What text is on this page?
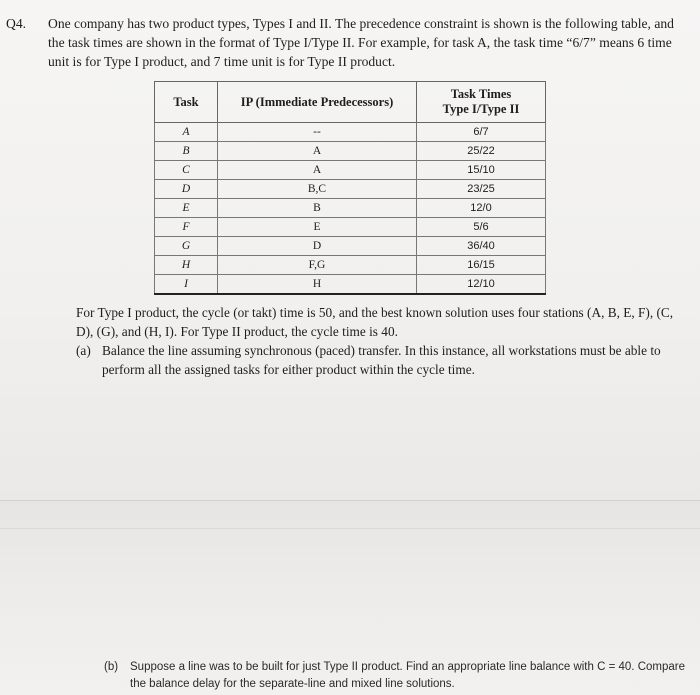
Q4. One company has two product types, Types I and II. The precedence constraint is shown is the following table, and the task times are shown in the format of Type I/Type II. For example, for task A, the task time “6/7” means 6 time unit is for Type I product, and 7 time unit is for Type II product.
Task	IP (Immediate Predecessors)	Task Times
Type I/Type II

A	--	6/7
B	A	25/22
C	A	15/10
D	B,C	23/25
E	B	12/0
F	E	5/6
G	D	36/40
H	F,G	16/15
I	H	12/10
For Type I product, the cycle (or takt) time is 50, and the best known solution uses four stations (A, B, E, F), (C, D), (G), and (H, I). For Type II product, the cycle time is 40.
(a) Balance the line assuming synchronous (paced) transfer. In this instance, all workstations must be able to perform all the assigned tasks for either product within the cycle time.
(b) Suppose a line was to be built for just Type II product. Find an appropriate line balance with C = 40. Compare the balance delay for the separate-line and mixed line solutions.
